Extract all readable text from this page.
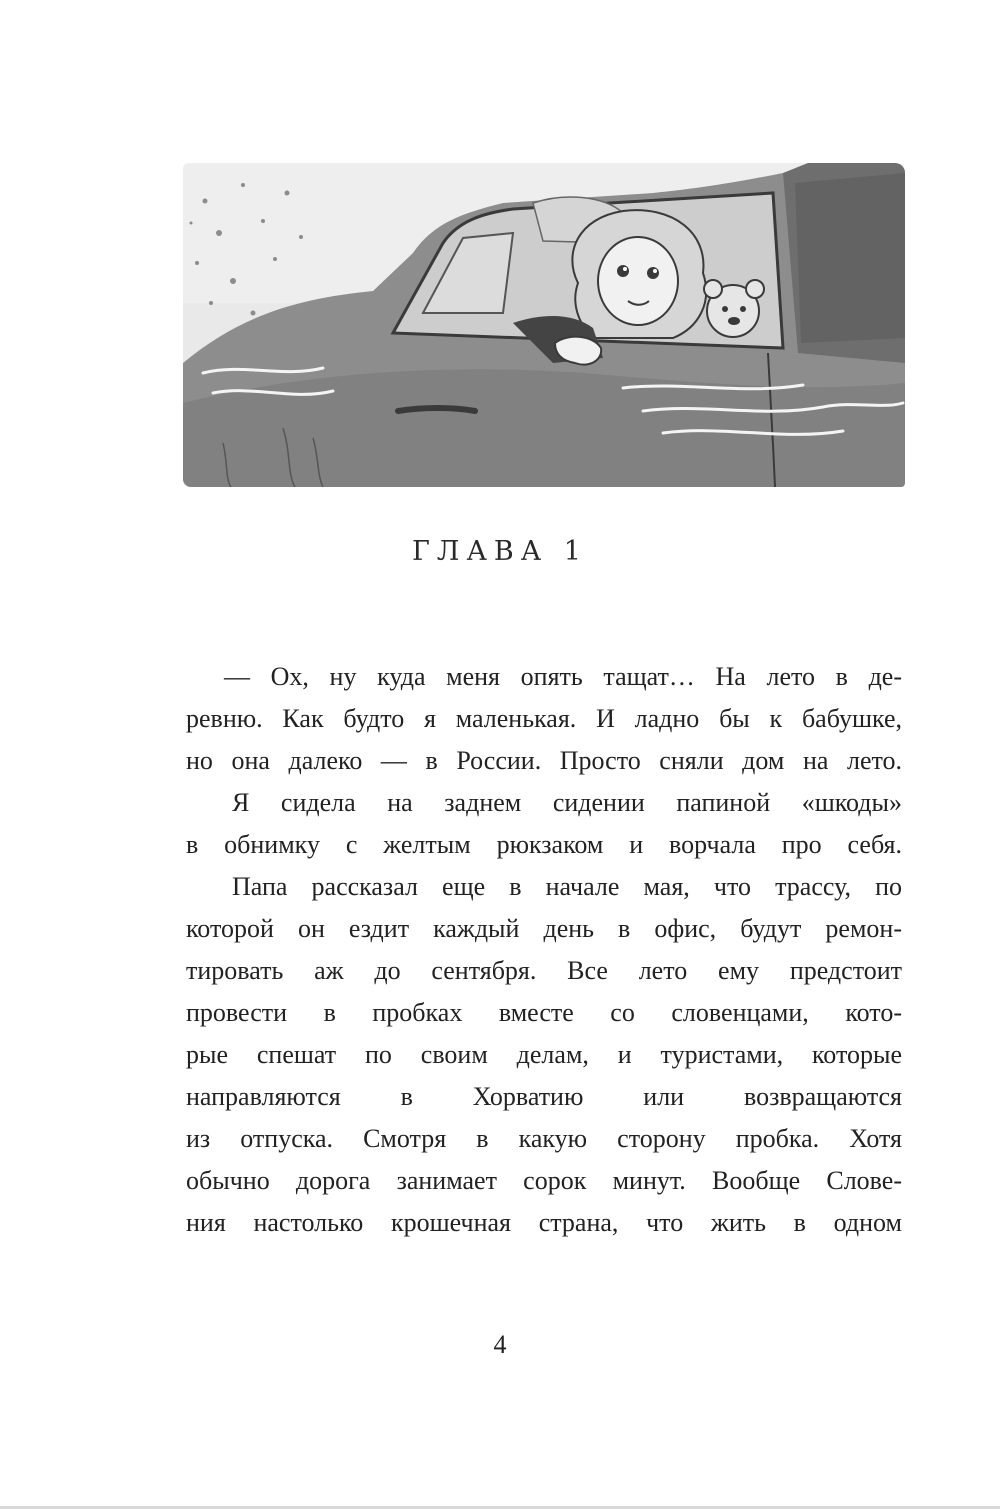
ГЛАВА 1
— Ох, ну куда меня опять тащат… На лето в де-
ревню. Как будто я маленькая. И ладно бы к бабушке,
но она далеко — в России. Просто сняли дом на лето.
Я сидела на заднем сидении папиной «шкоды»
в обнимку с желтым рюкзаком и ворчала про себя.
Папа рассказал еще в начале мая, что трассу, по
которой он ездит каждый день в офис, будут ремон-
тировать аж до сентября. Все лето ему предстоит
провести в пробках вместе со словенцами, кото-
рые спешат по своим делам, и туристами, которые
направляются в Хорватию или возвращаются
из отпуска. Смотря в какую сторону пробка. Хотя
обычно дорога занимает сорок минут. Вообще Слове-
ния настолько крошечная страна, что жить в одном
4
